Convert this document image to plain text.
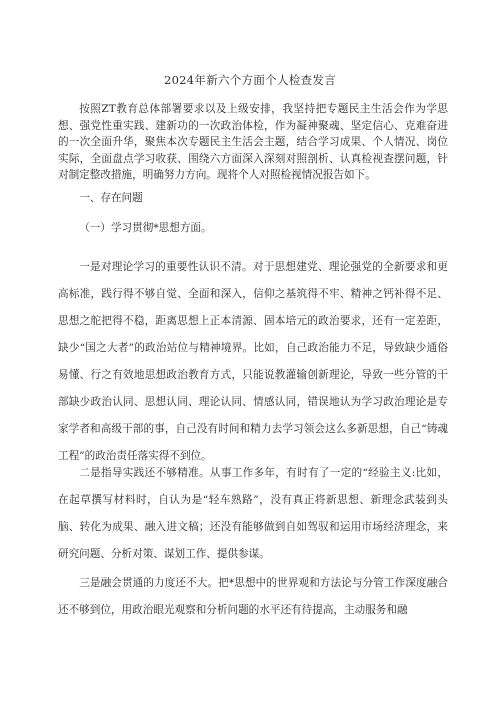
2024年新六个方面个人检查发言

按照ZT教育总体部署要求以及上级安排，我坚持把专题民主生活会作为学思想、强党性重实践、建新功的一次政治体检，作为凝神聚魂、坚定信心、克难奋进的一次全面升华，聚焦本次专题民主生活会主题，结合学习成果、个人情况、岗位实际，全面盘点学习收获、围绕六方面深入深刻对照剖析、认真检视查摆问题，针对制定整改措施，明确努力方向。现将个人对照检视情况报告如下。

一、存在问题

（一）学习贯彻*思想方面。

一是对理论学习的重要性认识不清。对于思想建党、理论强党的全新要求和更高标准，践行得不够自觉、全面和深入，信仰之基筑得不牢、精神之钙补得不足、思想之舵把得不稳，距离思想上正本清源、固本培元的政治要求，还有一定差距，缺少“国之大者”的政治站位与精神境界。比如，自己政治能力不足，导致缺少通俗易懂、行之有效地思想政治教育方式，只能说教灌输创新理论，导致一些分管的干部缺少政治认同、思想认同、理论认同、情感认同，错误地认为学习政治理论是专家学者和高级干部的事，自己没有时间和精力去学习领会这么多新思想，自己“铸魂工程”的政治责任落实得不到位。

二是指导实践还不够精准。从事工作多年，有时有了一定的“经验主义:比如，在起草撰写材料时，自认为是“轻车熟路”，没有真正将新思想、新理念武装到头脑、转化为成果、融入进文稿；还没有能够做到自如驾驭和运用市场经济理念，来研究问题、分析对策、谋划工作、提供参谋。

三是融会贯通的力度还不大。把*思想中的世界观和方法论与分管工作深度融合还不够到位，用政治眼光观察和分析问题的水平还有待提高，主动服务和融
